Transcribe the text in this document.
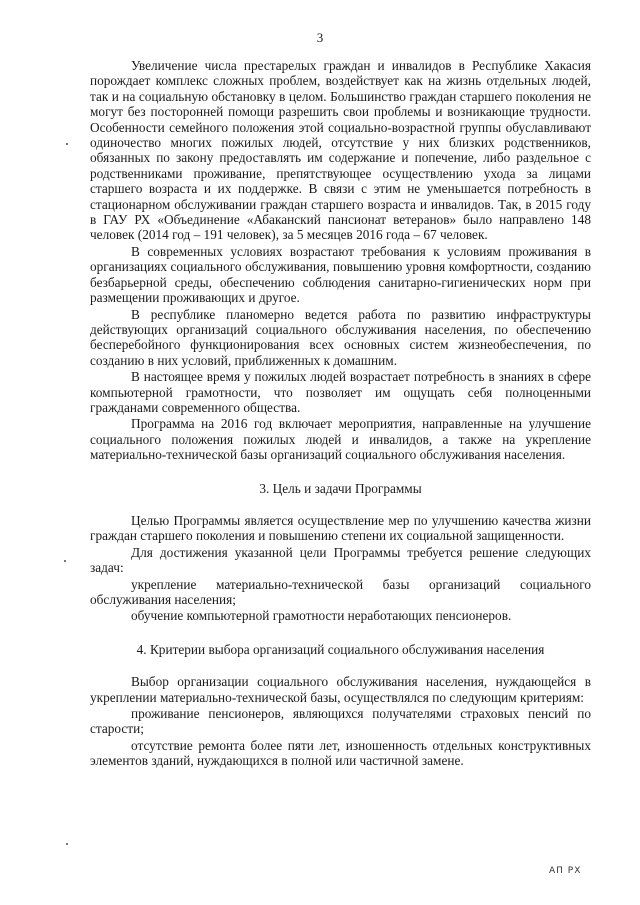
3

Увеличение числа престарелых граждан и инвалидов в Республике Хакасия порождает комплекс сложных проблем, воздействует как на жизнь отдельных людей, так и на социальную обстановку в целом. Большинство граждан старшего поколения не могут без посторонней помощи разрешить свои проблемы и возникающие трудности. Особенности семейного положения этой социально-возрастной группы обуславливают одиночество многих пожилых людей, отсутствие у них близких родственников, обязанных по закону предоставлять им содержание и попечение, либо раздельное с родственниками проживание, препятствующее осуществлению ухода за лицами старшего возраста и их поддержке. В связи с этим не уменьшается потребность в стационарном обслуживании граждан старшего возраста и инвалидов. Так, в 2015 году в ГАУ РХ «Объединение «Абаканский пансионат ветеранов» было направлено 148 человек (2014 год – 191 человек), за 5 месяцев 2016 года – 67 человек.

В современных условиях возрастают требования к условиям проживания в организациях социального обслуживания, повышению уровня комфортности, созданию безбарьерной среды, обеспечению соблюдения санитарно-гигиенических норм при размещении проживающих и другое.

В республике планомерно ведется работа по развитию инфраструктуры действующих организаций социального обслуживания населения, по обеспечению бесперебойного функционирования всех основных систем жизнеобеспечения, по созданию в них условий, приближенных к домашним.

В настоящее время у пожилых людей возрастает потребность в знаниях в сфере компьютерной грамотности, что позволяет им ощущать себя полноценными гражданами современного общества.

Программа на 2016 год включает мероприятия, направленные на улучшение социального положения пожилых людей и инвалидов, а также на укрепление материально-технической базы организаций социального обслуживания населения.

3. Цель и задачи Программы

Целью Программы является осуществление мер по улучшению качества жизни граждан старшего поколения и повышению степени их социальной защищенности.

Для достижения указанной цели Программы требуется решение следующих задач:

укрепление материально-технической базы организаций социального обслуживания населения;

обучение компьютерной грамотности неработающих пенсионеров.

4. Критерии выбора организаций социального обслуживания населения

Выбор организации социального обслуживания населения, нуждающейся в укреплении материально-технической базы, осуществлялся по следующим критериям:

проживание пенсионеров, являющихся получателями страховых пенсий по старости;

отсутствие ремонта более пяти лет, изношенность отдельных конструктивных элементов зданий, нуждающихся в полной или частичной замене.

АП РХ
